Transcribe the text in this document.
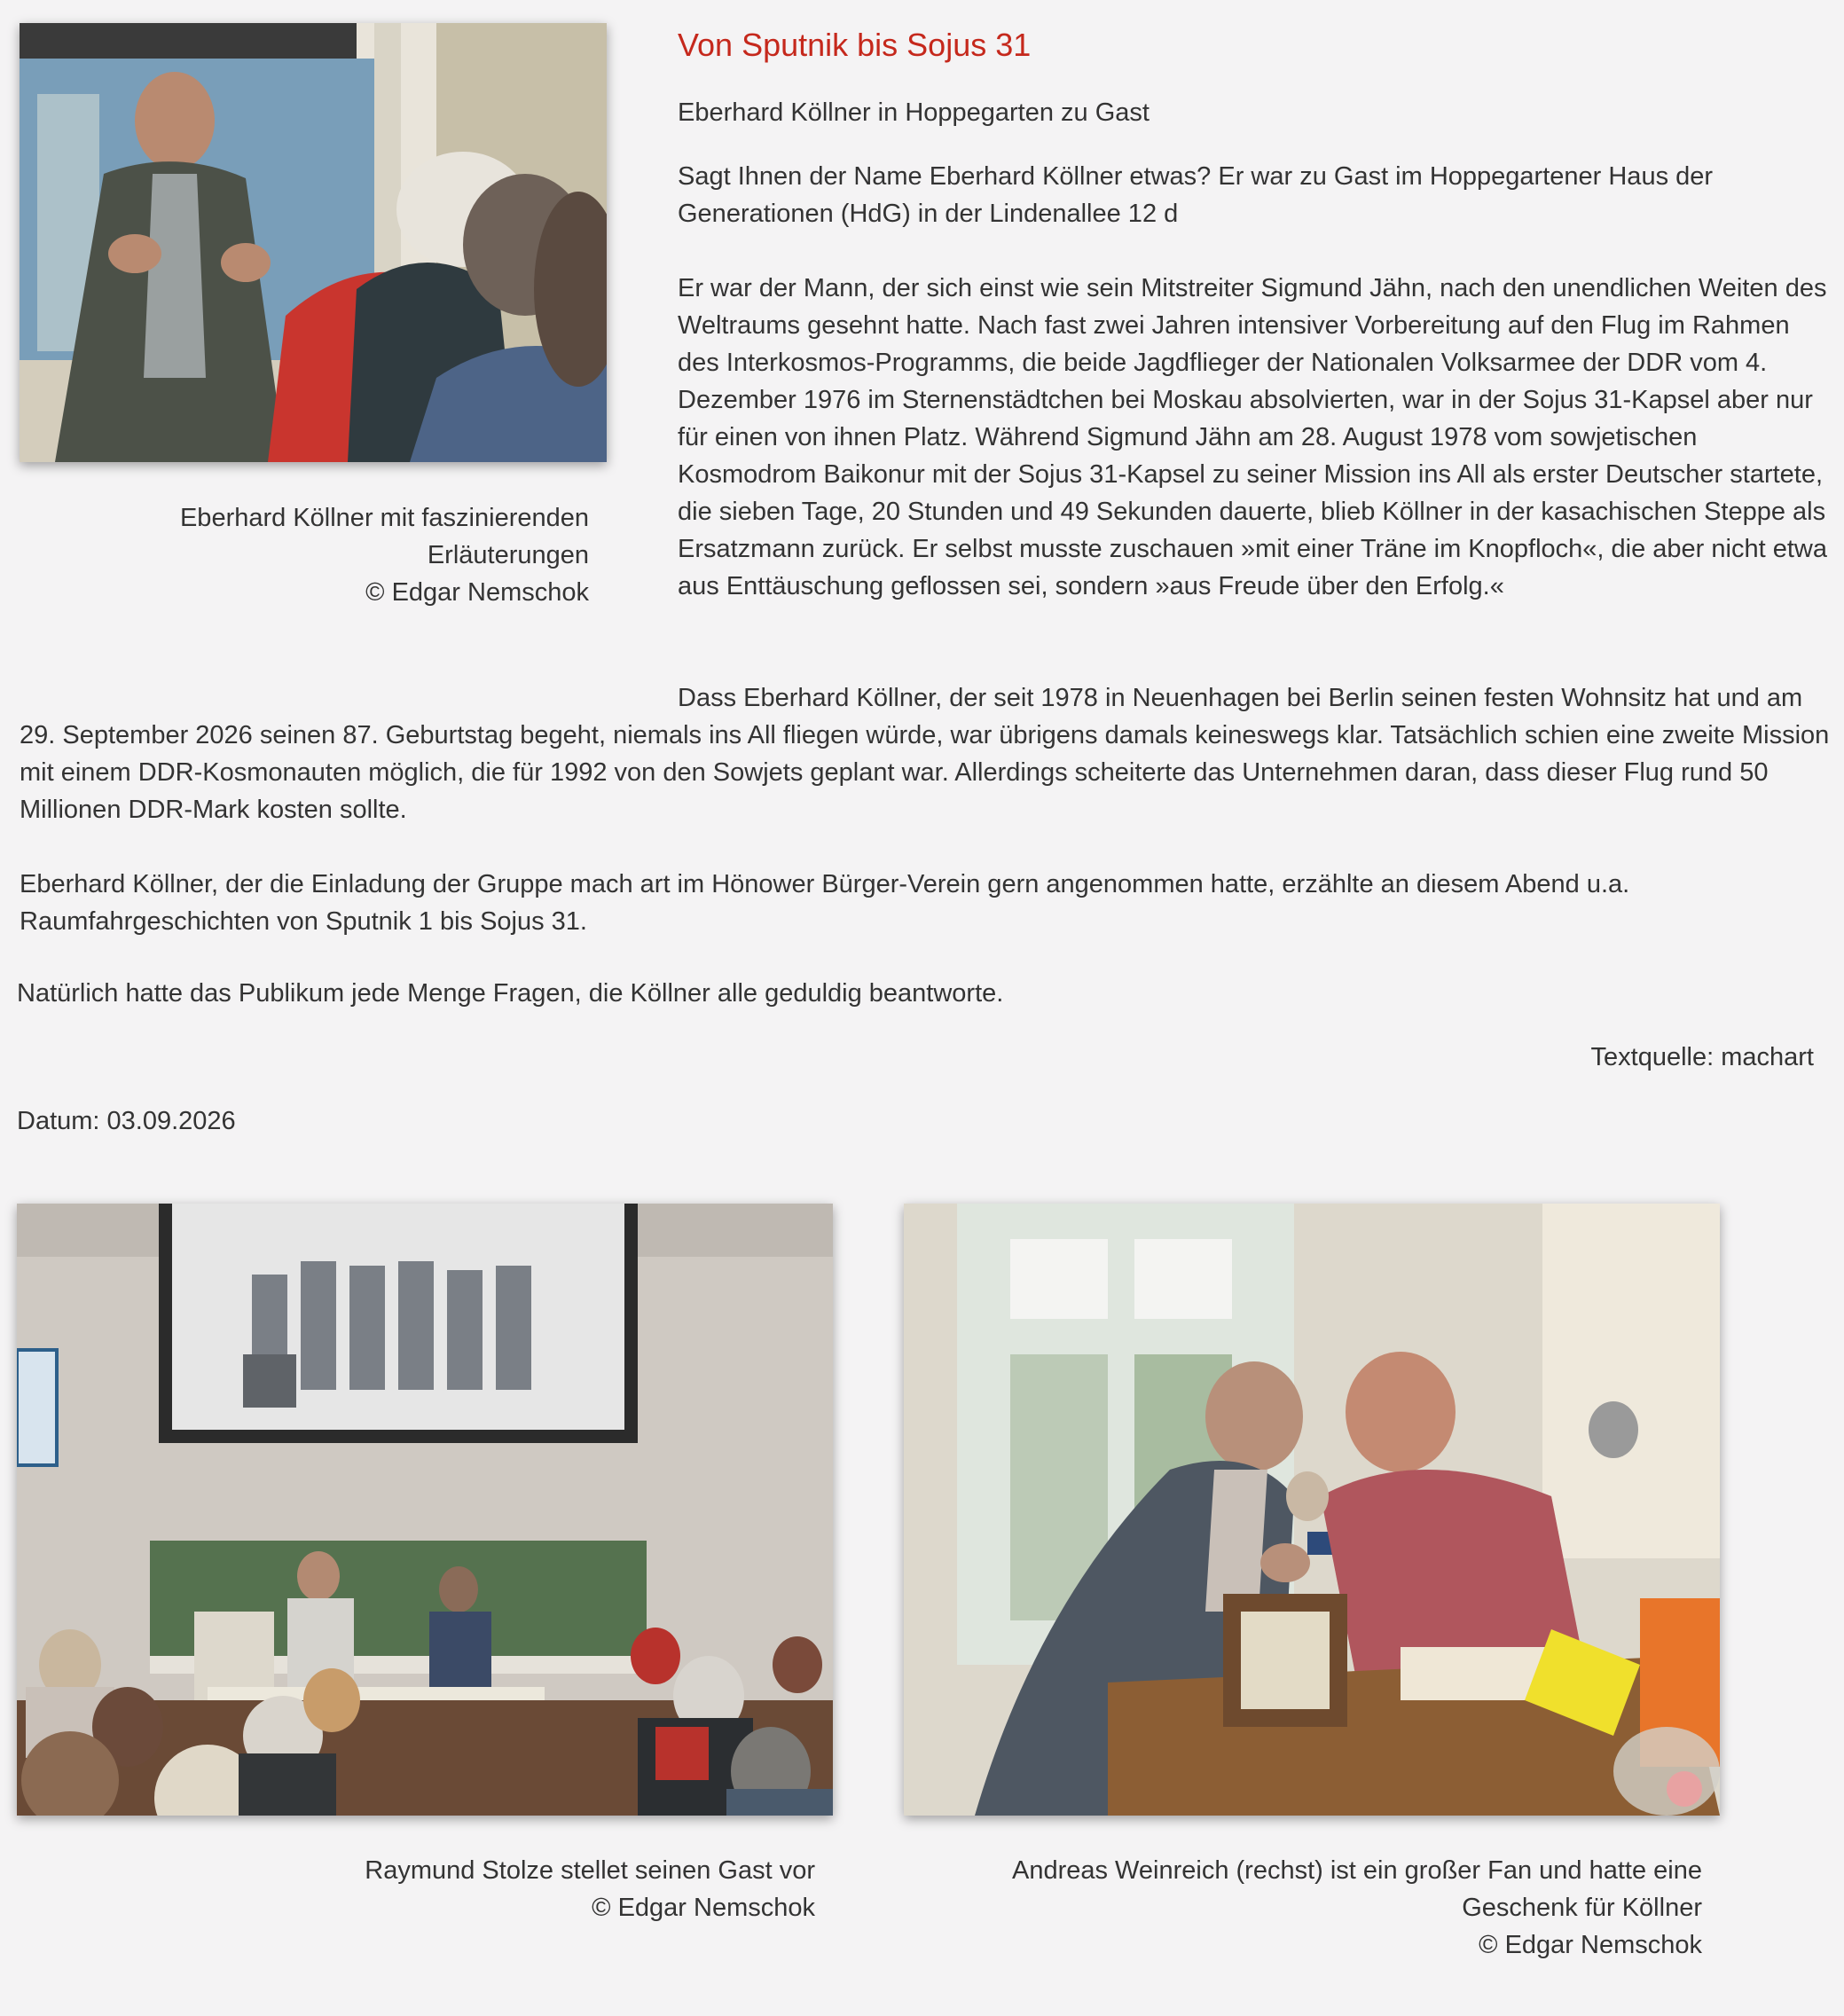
Eberhard Köllner mit faszinierenden
Erläuterungen
© Edgar Nemschok
Von Sputnik bis Sojus 31

Eberhard Köllner in Hoppegarten zu Gast

Sagt Ihnen der Name Eberhard Köllner etwas? Er war zu Gast im Hoppegartener Haus der Generationen (HdG) in der Lindenallee 12 d

Er war der Mann, der sich einst wie sein Mitstreiter Sigmund Jähn, nach den unendlichen Weiten des Weltraums gesehnt hatte. Nach fast zwei Jahren intensiver Vorbereitung auf den Flug im Rahmen des Interkosmos-Programms, die beide Jagdflieger der Nationalen Volksarmee der DDR vom 4. Dezember 1976 im Sternenstädtchen bei Moskau absolvierten, war in der Sojus 31-Kapsel aber nur für einen von ihnen Platz. Während Sigmund Jähn am 28. August 1978 vom sowjetischen Kosmodrom Baikonur mit der Sojus 31-Kapsel zu seiner Mission ins All als erster Deutscher startete, die sieben Tage, 20 Stunden und 49 Sekunden dauerte, blieb Köllner in der kasachischen Steppe als Ersatzmann zurück. Er selbst musste zuschauen »mit einer Träne im Knopfloch«, die aber nicht etwa aus Enttäuschung geflossen sei, sondern »aus Freude über den Erfolg.«

Dass Eberhard Köllner, der seit 1978 in Neuenhagen bei Berlin seinen festen Wohnsitz hat und am 29. September 2026 seinen 87. Geburtstag begeht, niemals ins All fliegen würde, war übrigens damals keineswegs klar. Tatsächlich schien eine zweite Mission mit einem DDR-Kosmonauten möglich, die für 1992 von den Sowjets geplant war. Allerdings scheiterte das Unternehmen daran, dass dieser Flug rund 50 Millionen DDR-Mark kosten sollte.

Eberhard Köllner, der die Einladung der Gruppe mach art im Hönower Bürger-Verein gern angenommen hatte, erzählte an diesem Abend u.a. Raumfahrgeschichten von Sputnik 1 bis Sojus 31.

Natürlich hatte das Publikum jede Menge Fragen, die Köllner alle geduldig beantworte.

Textquelle: machart

Datum: 03.09.2026

Raymund Stolze stellet seinen Gast vor
© Edgar Nemschok
Andreas Weinreich (rechst) ist ein großer Fan und hatte eine
Geschenk für Köllner
© Edgar Nemschok
